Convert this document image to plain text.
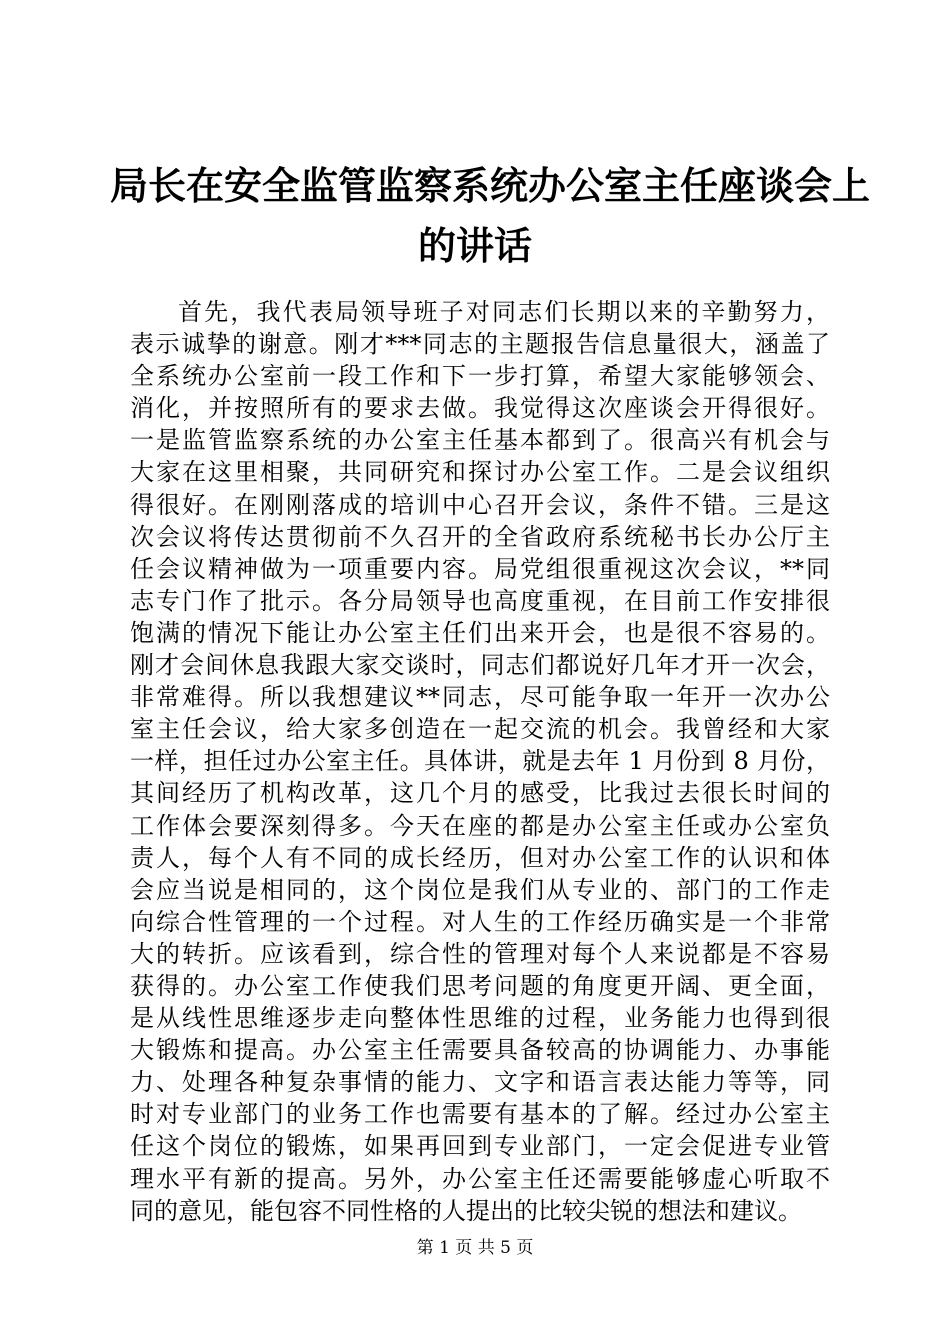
局长在安全监管监察系统办公室主任座谈会上
的讲话
首先，我代表局领导班子对同志们长期以来的辛勤努力，
表示诚挚的谢意。刚才***同志的主题报告信息量很大，涵盖了
全系统办公室前一段工作和下一步打算，希望大家能够领会、
消化，并按照所有的要求去做。我觉得这次座谈会开得很好。
一是监管监察系统的办公室主任基本都到了。很高兴有机会与
大家在这里相聚，共同研究和探讨办公室工作。二是会议组织
得很好。在刚刚落成的培训中心召开会议，条件不错。三是这
次会议将传达贯彻前不久召开的全省政府系统秘书长办公厅主
任会议精神做为一项重要内容。局党组很重视这次会议，**同
志专门作了批示。各分局领导也高度重视，在目前工作安排很
饱满的情况下能让办公室主任们出来开会，也是很不容易的。
刚才会间休息我跟大家交谈时，同志们都说好几年才开一次会，
非常难得。所以我想建议**同志，尽可能争取一年开一次办公
室主任会议，给大家多创造在一起交流的机会。我曾经和大家
一样，担任过办公室主任。具体讲，就是去年 1 月份到 8 月份，
其间经历了机构改革，这几个月的感受，比我过去很长时间的
工作体会要深刻得多。今天在座的都是办公室主任或办公室负
责人，每个人有不同的成长经历，但对办公室工作的认识和体
会应当说是相同的，这个岗位是我们从专业的、部门的工作走
向综合性管理的一个过程。对人生的工作经历确实是一个非常
大的转折。应该看到，综合性的管理对每个人来说都是不容易
获得的。办公室工作使我们思考问题的角度更开阔、更全面，
是从线性思维逐步走向整体性思维的过程，业务能力也得到很
大锻炼和提高。办公室主任需要具备较高的协调能力、办事能
力、处理各种复杂事情的能力、文字和语言表达能力等等，同
时对专业部门的业务工作也需要有基本的了解。经过办公室主
任这个岗位的锻炼，如果再回到专业部门，一定会促进专业管
理水平有新的提高。另外，办公室主任还需要能够虚心听取不
同的意见，能包容不同性格的人提出的比较尖锐的想法和建议。
第 1 页 共 5 页
